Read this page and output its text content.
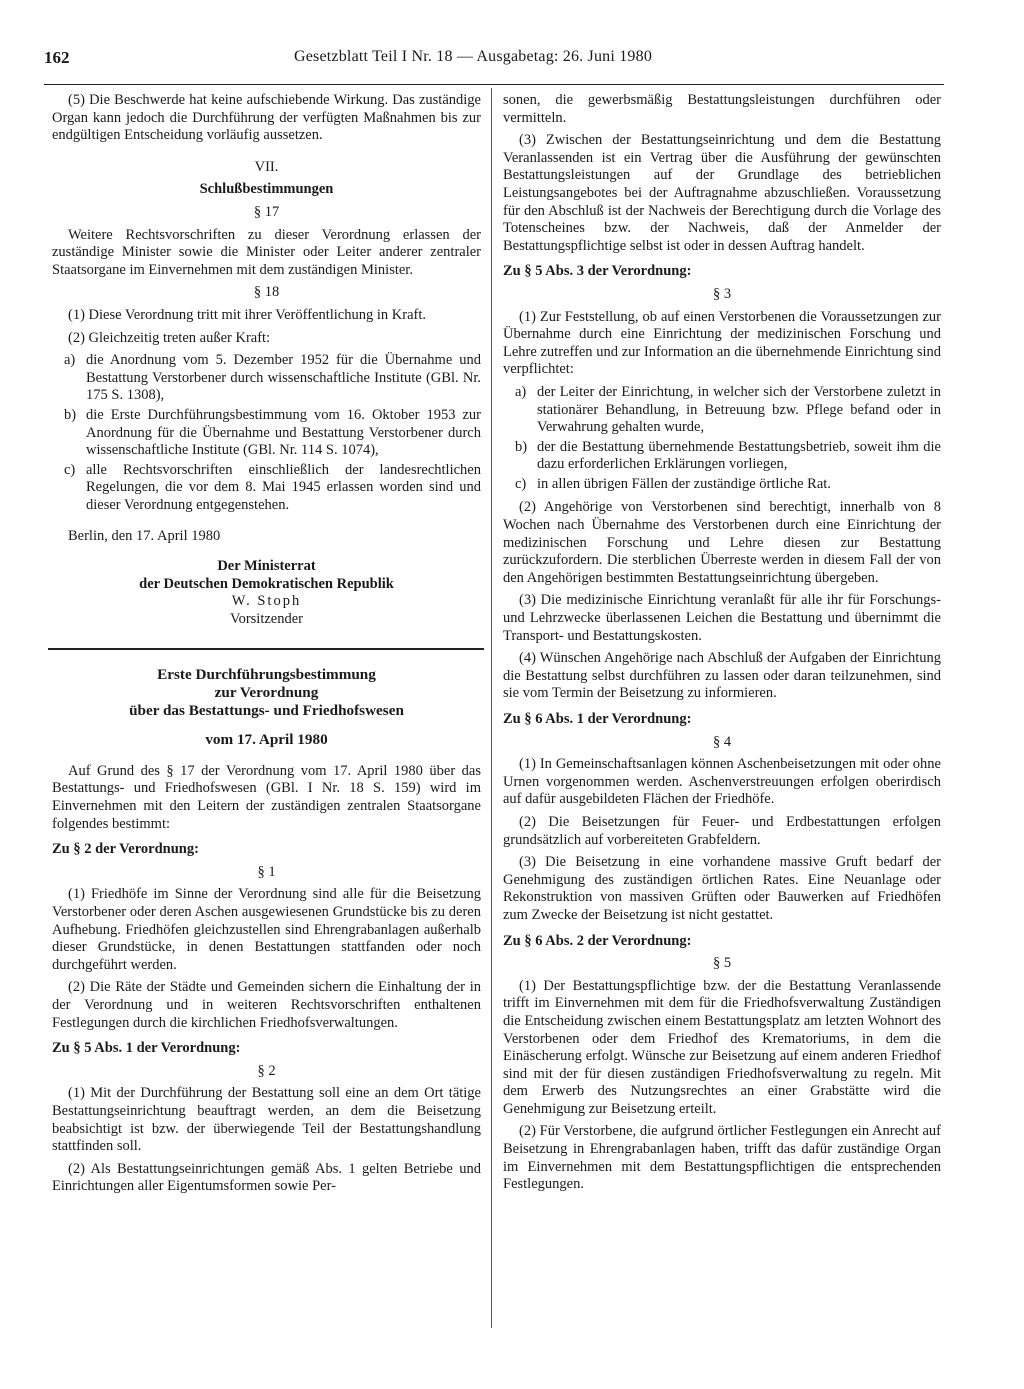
162	Gesetzblatt Teil I Nr. 18 — Ausgabetag: 26. Juni 1980

(5) Die Beschwerde hat keine aufschiebende Wirkung. Das zuständige Organ kann jedoch die Durchführung der verfügten Maßnahmen bis zur endgültigen Entscheidung vorläufig aussetzen.

VII.

Schlußbestimmungen

§ 17

Weitere Rechtsvorschriften zu dieser Verordnung erlassen der zuständige Minister sowie die Minister oder Leiter anderer zentraler Staatsorgane im Einvernehmen mit dem zuständigen Minister.

§ 18

(1) Diese Verordnung tritt mit ihrer Veröffentlichung in Kraft.

(2) Gleichzeitig treten außer Kraft:

a) die Anordnung vom 5. Dezember 1952 für die Übernahme und Bestattung Verstorbener durch wissenschaftliche Institute (GBl. Nr. 175 S. 1308),
b) die Erste Durchführungsbestimmung vom 16. Oktober 1953 zur Anordnung für die Übernahme und Bestattung Verstorbener durch wissenschaftliche Institute (GBl. Nr. 114 S. 1074),
c) alle Rechtsvorschriften einschließlich der landesrechtlichen Regelungen, die vor dem 8. Mai 1945 erlassen worden sind und dieser Verordnung entgegenstehen.

Berlin, den 17. April 1980

Der Ministerrat

der Deutschen Demokratischen Republik

W. Stoph

Vorsitzender

Erste Durchführungsbestimmung

zur Verordnung

über das Bestattungs- und Friedhofswesen

vom 17. April 1980

Auf Grund des § 17 der Verordnung vom 17. April 1980 über das Bestattungs- und Friedhofswesen (GBl. I Nr. 18 S. 159) wird im Einvernehmen mit den Leitern der zuständigen zentralen Staatsorgane folgendes bestimmt:

Zu § 2 der Verordnung:

§ 1

(1) Friedhöfe im Sinne der Verordnung sind alle für die Beisetzung Verstorbener oder deren Aschen ausgewiesenen Grundstücke bis zu deren Aufhebung. Friedhöfen gleichzustellen sind Ehrengrabanlagen außerhalb dieser Grundstücke, in denen Bestattungen stattfanden oder noch durchgeführt werden.

(2) Die Räte der Städte und Gemeinden sichern die Einhaltung der in der Verordnung und in weiteren Rechtsvorschriften enthaltenen Festlegungen durch die kirchlichen Friedhofsverwaltungen.

Zu § 5 Abs. 1 der Verordnung:

§ 2

(1) Mit der Durchführung der Bestattung soll eine an dem Ort tätige Bestattungseinrichtung beauftragt werden, an dem die Beisetzung beabsichtigt ist bzw. der überwiegende Teil der Bestattungshandlung stattfinden soll.

(2) Als Bestattungseinrichtungen gemäß Abs. 1 gelten Betriebe und Einrichtungen aller Eigentumsformen sowie Per-

sonen, die gewerbsmäßig Bestattungsleistungen durchführen oder vermitteln.

(3) Zwischen der Bestattungseinrichtung und dem die Bestattung Veranlassenden ist ein Vertrag über die Ausführung der gewünschten Bestattungsleistungen auf der Grundlage des betrieblichen Leistungsangebotes bei der Auftragnahme abzuschließen. Voraussetzung für den Abschluß ist der Nachweis der Berechtigung durch die Vorlage des Totenscheines bzw. der Nachweis, daß der Anmelder der Bestattungspflichtige selbst ist oder in dessen Auftrag handelt.

Zu § 5 Abs. 3 der Verordnung:

§ 3

(1) Zur Feststellung, ob auf einen Verstorbenen die Voraussetzungen zur Übernahme durch eine Einrichtung der medizinischen Forschung und Lehre zutreffen und zur Information an die übernehmende Einrichtung sind verpflichtet:

a) der Leiter der Einrichtung, in welcher sich der Verstorbene zuletzt in stationärer Behandlung, in Betreuung bzw. Pflege befand oder in Verwahrung gehalten wurde,
b) der die Bestattung übernehmende Bestattungsbetrieb, soweit ihm die dazu erforderlichen Erklärungen vorliegen,
c) in allen übrigen Fällen der zuständige örtliche Rat.

(2) Angehörige von Verstorbenen sind berechtigt, innerhalb von 8 Wochen nach Übernahme des Verstorbenen durch eine Einrichtung der medizinischen Forschung und Lehre diesen zur Bestattung zurückzufordern. Die sterblichen Überreste werden in diesem Fall der von den Angehörigen bestimmten Bestattungseinrichtung übergeben.

(3) Die medizinische Einrichtung veranlaßt für alle ihr für Forschungs- und Lehrzwecke überlassenen Leichen die Bestattung und übernimmt die Transport- und Bestattungskosten.

(4) Wünschen Angehörige nach Abschluß der Aufgaben der Einrichtung die Bestattung selbst durchführen zu lassen oder daran teilzunehmen, sind sie vom Termin der Beisetzung zu informieren.

Zu § 6 Abs. 1 der Verordnung:

§ 4

(1) In Gemeinschaftsanlagen können Aschenbeisetzungen mit oder ohne Urnen vorgenommen werden. Aschenverstreuungen erfolgen oberirdisch auf dafür ausgebildeten Flächen der Friedhöfe.

(2) Die Beisetzungen für Feuer- und Erdbestattungen erfolgen grundsätzlich auf vorbereiteten Grabfeldern.

(3) Die Beisetzung in eine vorhandene massive Gruft bedarf der Genehmigung des zuständigen örtlichen Rates. Eine Neuanlage oder Rekonstruktion von massiven Grüften oder Bauwerken auf Friedhöfen zum Zwecke der Beisetzung ist nicht gestattet.

Zu § 6 Abs. 2 der Verordnung:

§ 5

(1) Der Bestattungspflichtige bzw. der die Bestattung Veranlassende trifft im Einvernehmen mit dem für die Friedhofsverwaltung Zuständigen die Entscheidung zwischen einem Bestattungsplatz am letzten Wohnort des Verstorbenen oder dem Friedhof des Krematoriums, in dem die Einäscherung erfolgt. Wünsche zur Beisetzung auf einem anderen Friedhof sind mit der für diesen zuständigen Friedhofsverwaltung zu regeln. Mit dem Erwerb des Nutzungsrechtes an einer Grabstätte wird die Genehmigung zur Beisetzung erteilt.

(2) Für Verstorbene, die aufgrund örtlicher Festlegungen ein Anrecht auf Beisetzung in Ehrengrabanlagen haben, trifft das dafür zuständige Organ im Einvernehmen mit dem Bestattungspflichtigen die entsprechenden Festlegungen.
